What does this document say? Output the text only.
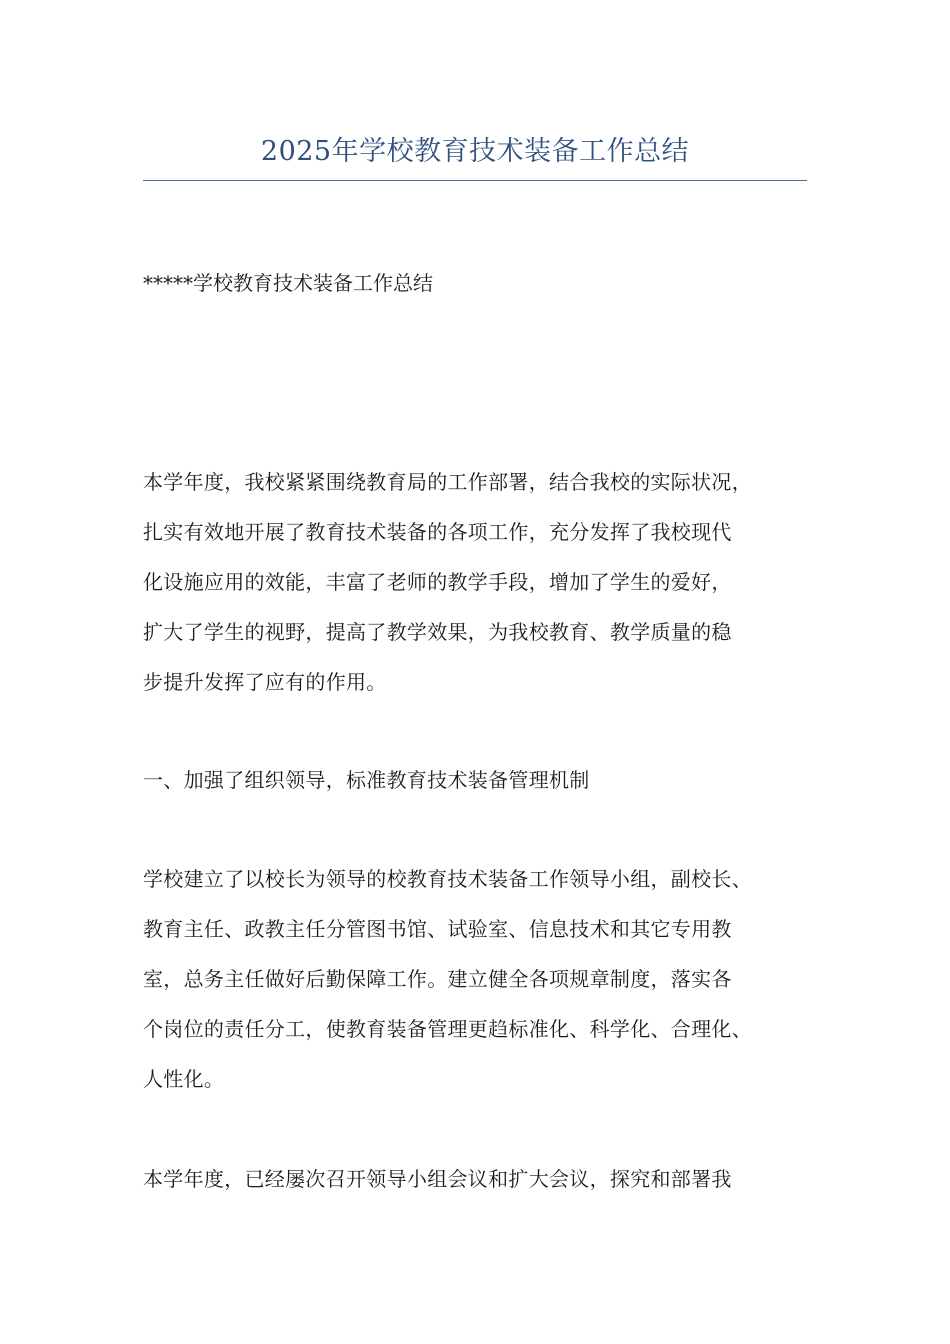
2025年学校教育技术装备工作总结
*****学校教育技术装备工作总结
本学年度，我校紧紧围绕教育局的工作部署，结合我校的实际状况，
扎实有效地开展了教育技术装备的各项工作，充分发挥了我校现代
化设施应用的效能，丰富了老师的教学手段，增加了学生的爱好，
扩大了学生的视野，提高了教学效果，为我校教育、教学质量的稳
步提升发挥了应有的作用。
一、加强了组织领导，标准教育技术装备管理机制
学校建立了以校长为领导的校教育技术装备工作领导小组，副校长、
教育主任、政教主任分管图书馆、试验室、信息技术和其它专用教
室，总务主任做好后勤保障工作。建立健全各项规章制度，落实各
个岗位的责任分工，使教育装备管理更趋标准化、科学化、合理化、
人性化。
本学年度，已经屡次召开领导小组会议和扩大会议，探究和部署我
